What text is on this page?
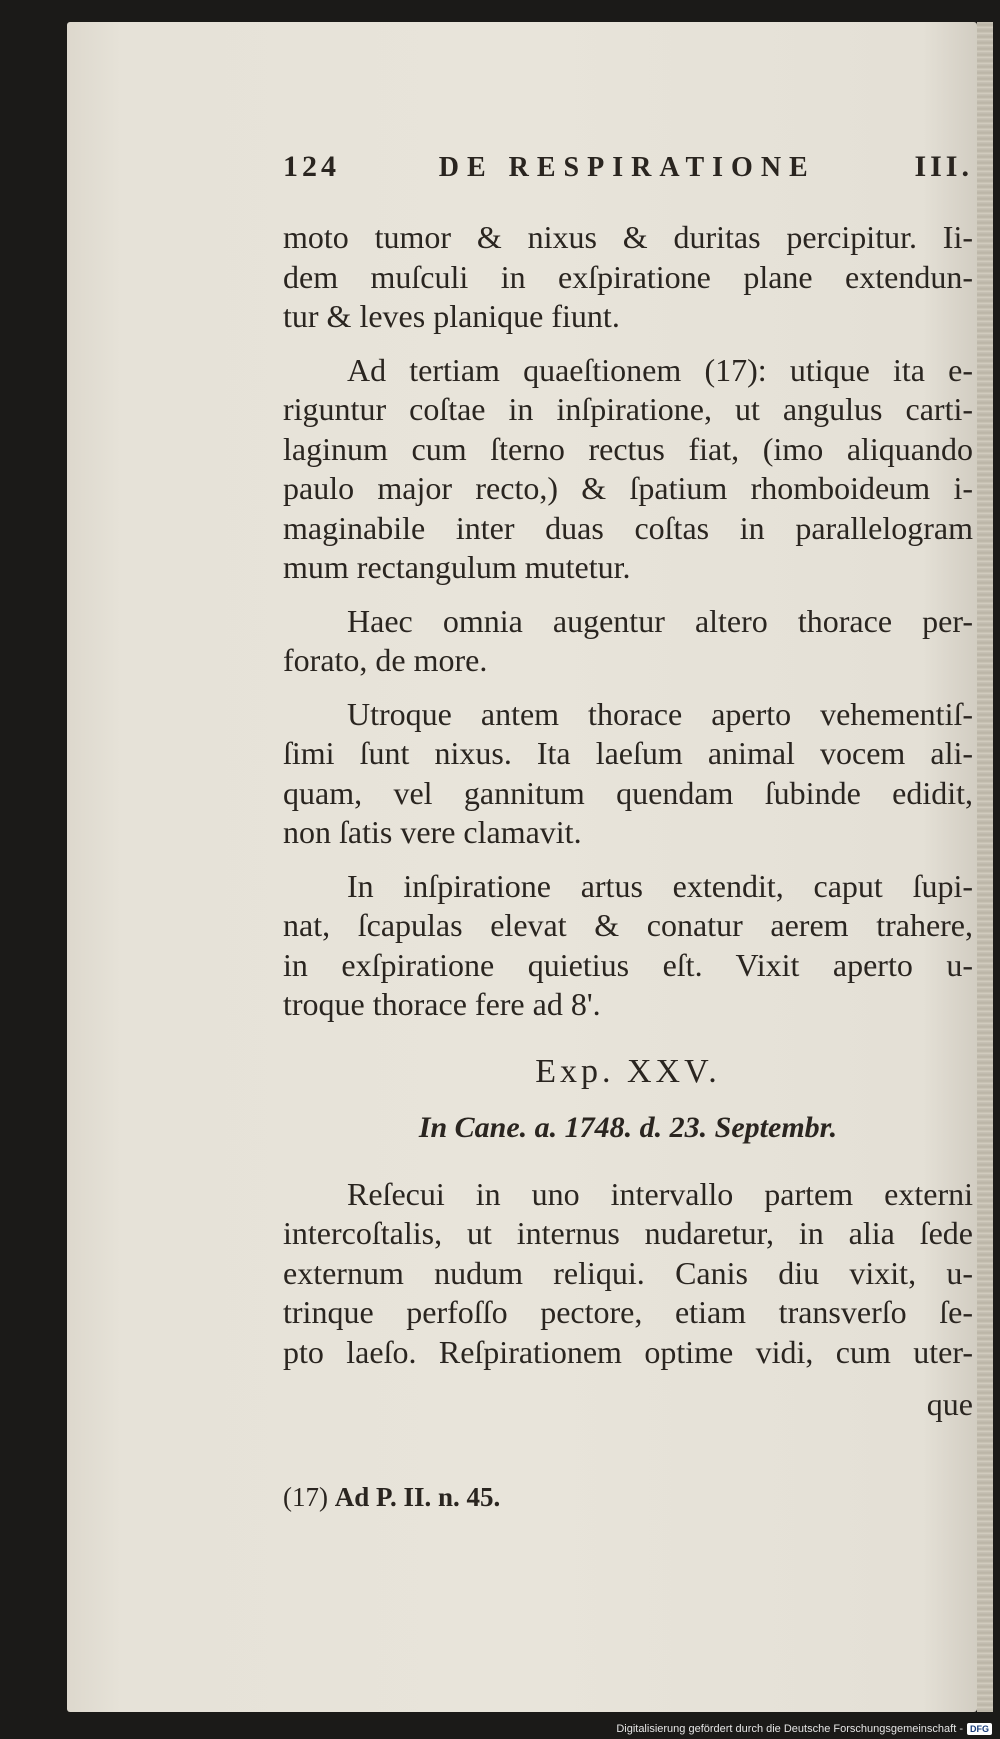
124	DE RESPIRATIONE	III.
moto tumor & nixus & duritas percipitur. Ii-
dem muſculi in exſpiratione plane extendun-
tur & leves planique fiunt.
Ad tertiam quaeſtionem (17): utique ita e-
riguntur coſtae in inſpiratione, ut angulus carti-
laginum cum ſterno rectus fiat, (imo aliquando
paulo major recto,) & ſpatium rhomboideum i-
maginabile inter duas coſtas in parallelogram
mum rectangulum mutetur.
Haec omnia augentur altero thorace per-
forato, de more.
Utroque antem thorace aperto vehementiſ-
ſimi ſunt nixus. Ita laeſum animal vocem ali-
quam, vel gannitum quendam ſubinde edidit,
non ſatis vere clamavit.
In inſpiratione artus extendit, caput ſupi-
nat, ſcapulas elevat & conatur aerem trahere,
in exſpiratione quietius eſt. Vixit aperto u-
troque thorace fere ad 8'.
Exp. XXV.
In Cane. a. 1748. d. 23. Septembr.
Reſecui in uno intervallo partem externi
intercoſtalis, ut internus nudaretur, in alia ſede
externum nudum reliqui. Canis diu vixit, u-
trinque perfoſſo pectore, etiam transverſo ſe-
pto laeſo. Reſpirationem optime vidi, cum uter-
que
(17) Ad P. II. n. 45.
Digitalisierung gefördert durch die Deutsche Forschungsgemeinschaft - DFG
